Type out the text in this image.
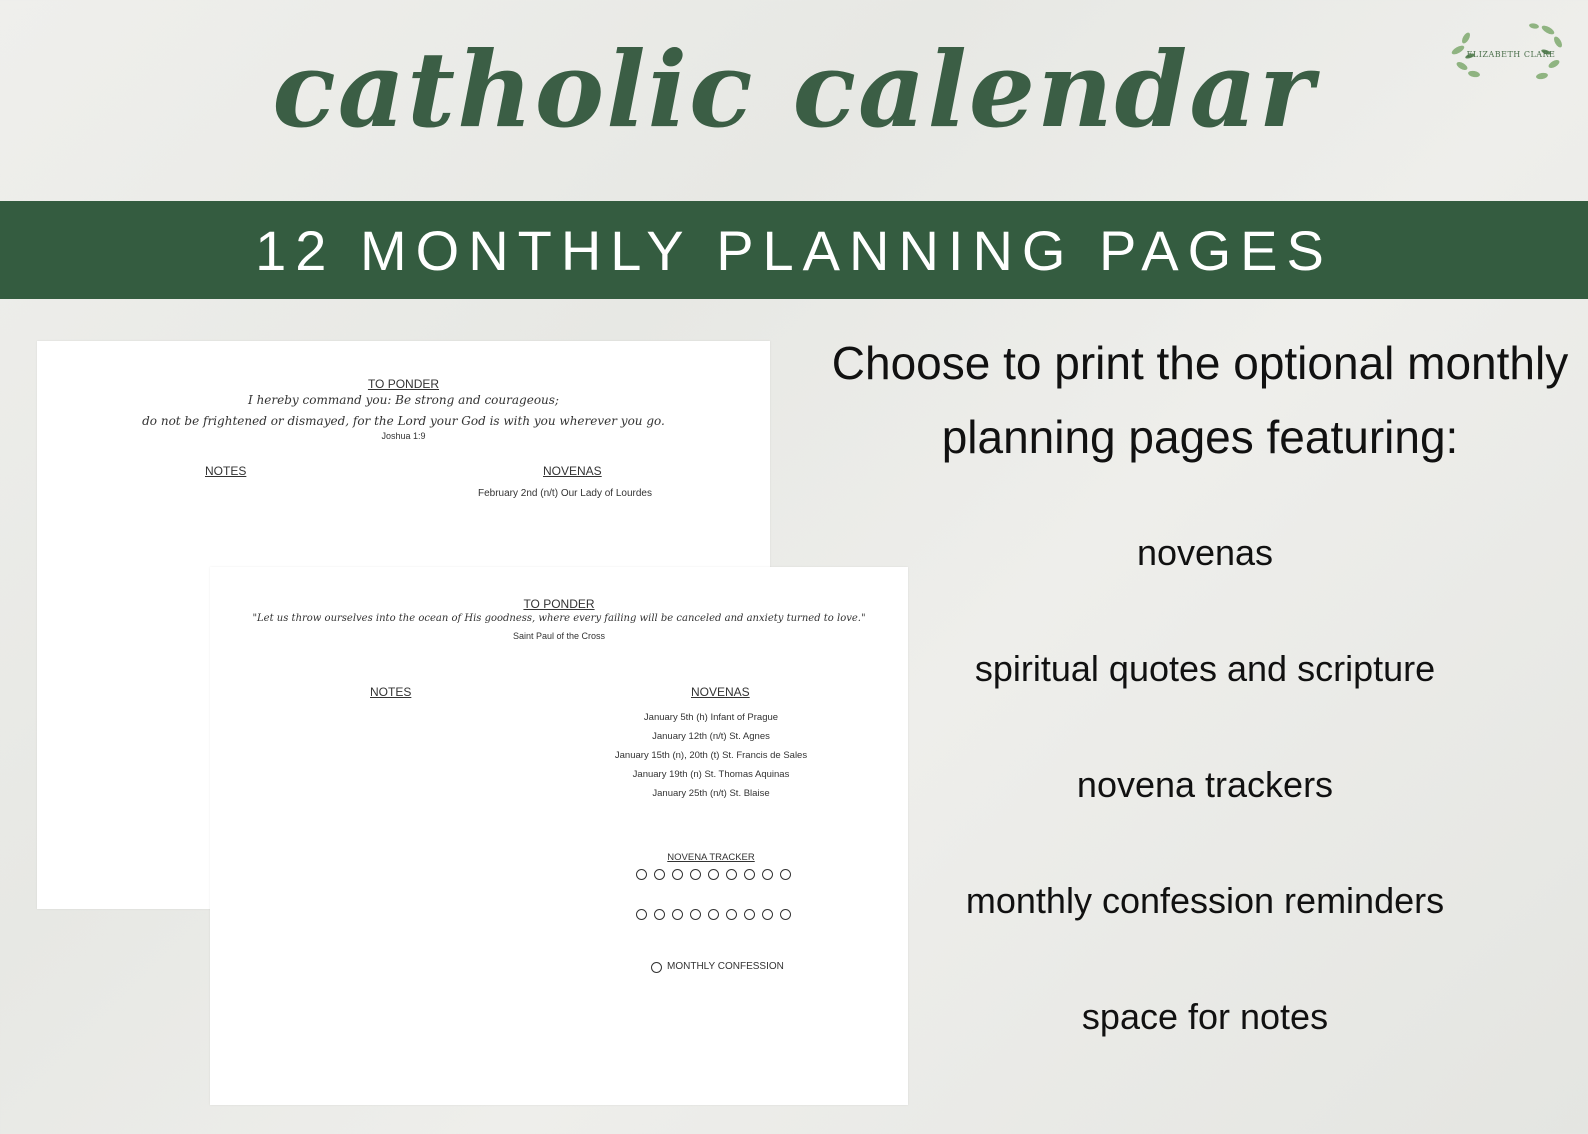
catholic calendar	ELIZABETH CLARE
12 MONTHLY PLANNING PAGES
TO PONDER
I hereby command you: Be strong and courageous;
do not be frightened or dismayed, for the Lord your God is with you wherever you go.
Joshua 1:9
NOTES	NOVENAS
February 2nd (n/t) Our Lady of Lourdes
TO PONDER
"Let us throw ourselves into the ocean of His goodness, where every failing will be canceled and anxiety turned to love."
Saint Paul of the Cross
NOTES	NOVENAS
January 5th (h) Infant of Prague
January 12th (n/t) St. Agnes
January 15th (n), 20th (t) St. Francis de Sales
January 19th (n) St. Thomas Aquinas
January 25th (n/t) St. Blaise
NOVENA TRACKER
MONTHLY CONFESSION
Choose to print the optional monthly
planning pages featuring:
novenas
spiritual quotes and scripture
novena trackers
monthly confession reminders
space for notes
